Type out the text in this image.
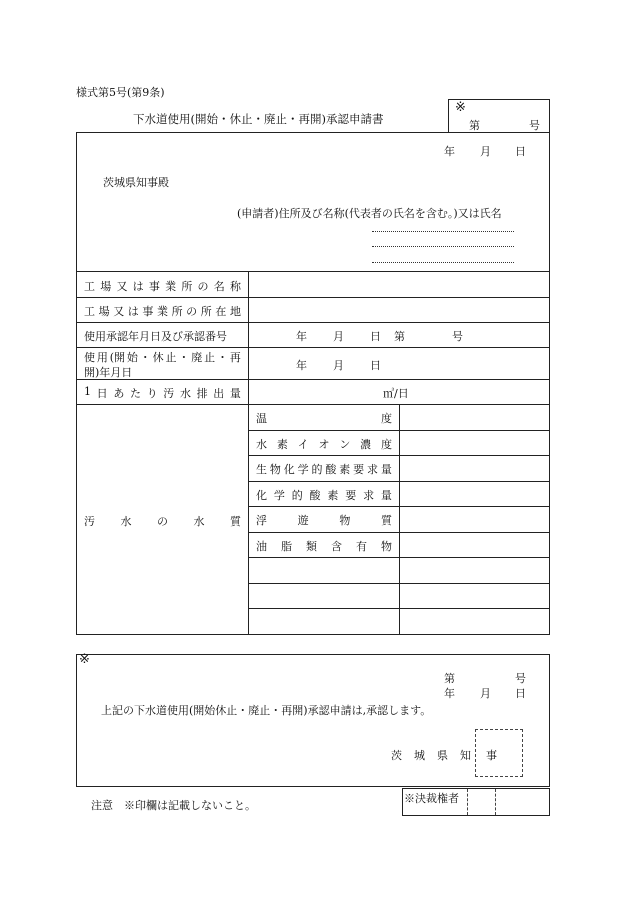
様式第5号(第9条)
下水道使用(開始・休止・廃止・再開)承認申請書
※
第	号
年 月 日
茨城県知事殿
(申請者)住所及び名称(代表者の氏名を含む。)又は氏名
工 場 又 は 事 業 所 の 名 称
工 場 又 は 事 業 所 の 所 在 地
使用承認年月日及び承認番号	年 月 日 第	号
使 用 (開 始 ・ 休 止 ・ 廃 止 ・ 再
開)年月日
年 月 日
1 日 あ た り 汚 水 排 出 量	㎥/日
汚 水 の 水 質
温	度
水 素 イ オ ン 濃 度
生 物 化 学 的 酸 素 要 求 量
化 学 的 酸 素 要 求 量
浮	遊	物	質
油 脂 類 含 有 物
※
第	号
年 月 日
上記の下水道使用(開始休止・廃止・再開)承認申請は,承認します。
茨 城 県 知 事
注意　※印欄は記載しないこと。
※決裁権者
